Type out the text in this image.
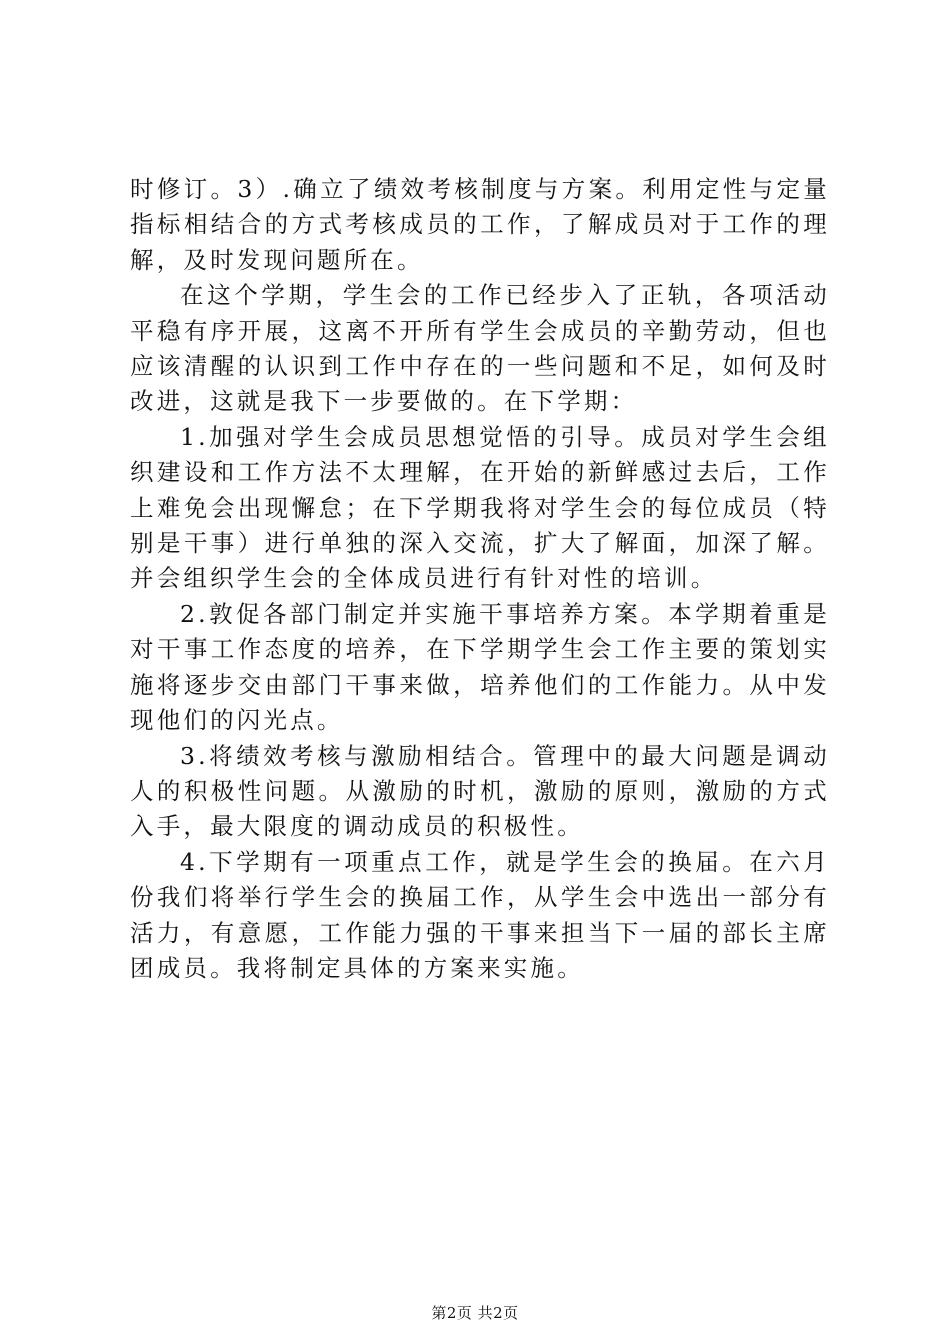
时修订。3）.确立了绩效考核制度与方案。利用定性与定量指标相结合的方式考核成员的工作，了解成员对于工作的理解，及时发现问题所在。

在这个学期，学生会的工作已经步入了正轨，各项活动平稳有序开展，这离不开所有学生会成员的辛勤劳动，但也应该清醒的认识到工作中存在的一些问题和不足，如何及时改进，这就是我下一步要做的。在下学期：

1.加强对学生会成员思想觉悟的引导。成员对学生会组织建设和工作方法不太理解，在开始的新鲜感过去后，工作上难免会出现懈怠；在下学期我将对学生会的每位成员（特别是干事）进行单独的深入交流，扩大了解面，加深了解。并会组织学生会的全体成员进行有针对性的培训。

2.敦促各部门制定并实施干事培养方案。本学期着重是对干事工作态度的培养，在下学期学生会工作主要的策划实施将逐步交由部门干事来做，培养他们的工作能力。从中发现他们的闪光点。

3.将绩效考核与激励相结合。管理中的最大问题是调动人的积极性问题。从激励的时机，激励的原则，激励的方式入手，最大限度的调动成员的积极性。

4.下学期有一项重点工作，就是学生会的换届。在六月份我们将举行学生会的换届工作，从学生会中选出一部分有活力，有意愿，工作能力强的干事来担当下一届的部长主席团成员。我将制定具体的方案来实施。

第2页 共2页
